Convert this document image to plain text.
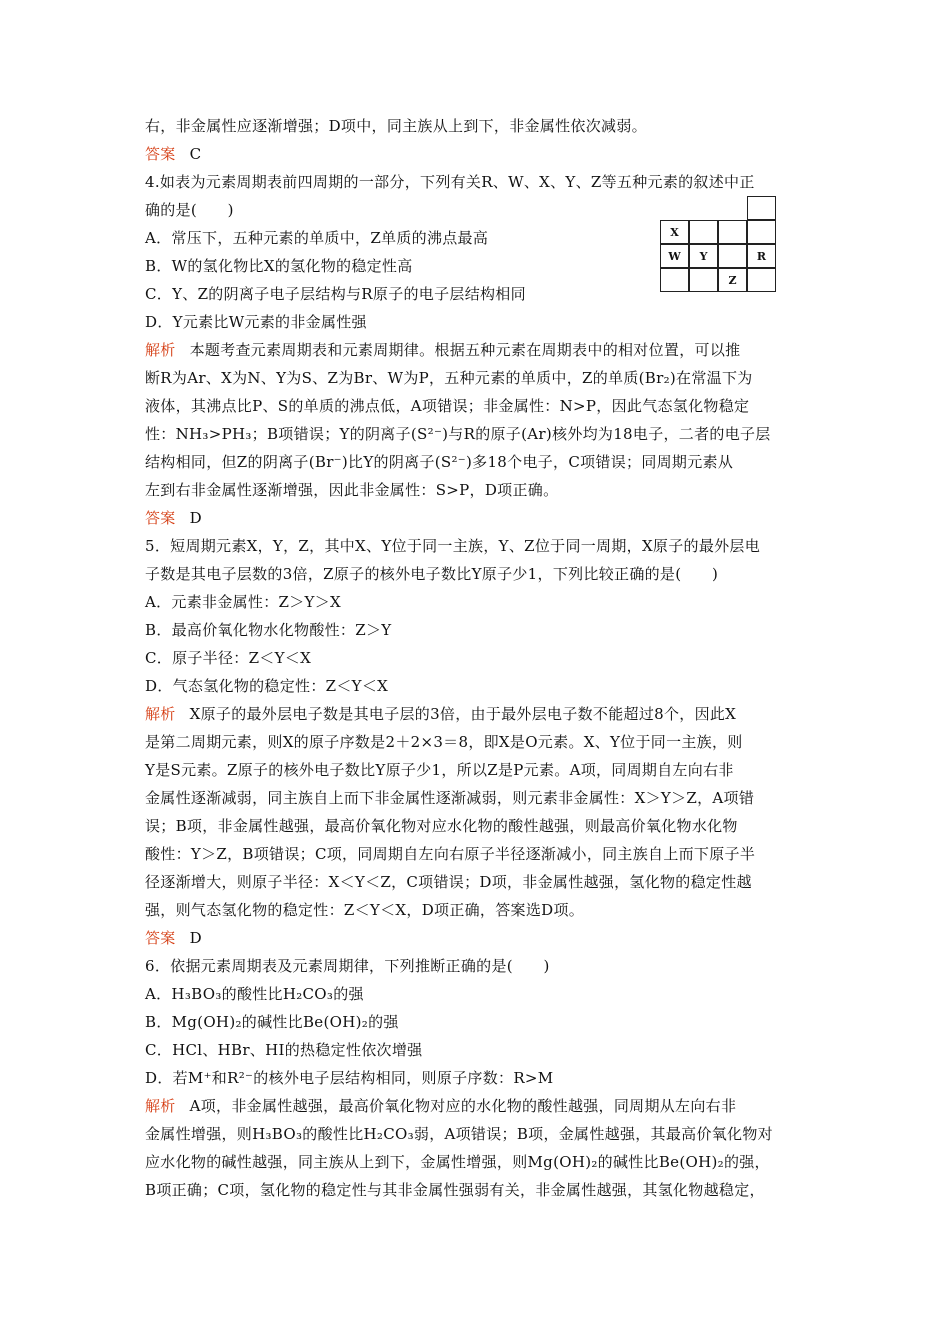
右，非金属性应逐渐增强；D项中，同主族从上到下，非金属性依次减弱。
答案 C
4.如表为元素周期表前四周期的一部分，下列有关R、W、X、Y、Z等五种元素的叙述中正
确的是(　　)
A．常压下，五种元素的单质中，Z单质的沸点最高
B．W的氢化物比X的氢化物的稳定性高
C．Y、Z的阴离子电子层结构与R原子的电子层结构相同
D．Y元素比W元素的非金属性强
解析 本题考查元素周期表和元素周期律。根据五种元素在周期表中的相对位置，可以推
断R为Ar、X为N、Y为S、Z为Br、W为P，五种元素的单质中，Z的单质(Br₂)在常温下为
液体，其沸点比P、S的单质的沸点低，A项错误；非金属性：N>P，因此气态氢化物稳定
性：NH₃>PH₃；B项错误；Y的阴离子(S²⁻)与R的原子(Ar)核外均为18电子，二者的电子层
结构相同，但Z的阴离子(Br⁻)比Y的阴离子(S²⁻)多18个电子，C项错误；同周期元素从
左到右非金属性逐渐增强，因此非金属性：S>P，D项正确。
答案 D
5．短周期元素X，Y，Z，其中X、Y位于同一主族，Y、Z位于同一周期，X原子的最外层电
子数是其电子层数的3倍，Z原子的核外电子数比Y原子少1，下列比较正确的是(　　)
A．元素非金属性：Z＞Y＞X
B．最高价氧化物水化物酸性：Z＞Y
C．原子半径：Z＜Y＜X
D．气态氢化物的稳定性：Z＜Y＜X
解析 X原子的最外层电子数是其电子层的3倍，由于最外层电子数不能超过8个，因此X
是第二周期元素，则X的原子序数是2＋2×3＝8，即X是O元素。X、Y位于同一主族，则
Y是S元素。Z原子的核外电子数比Y原子少1，所以Z是P元素。A项，同周期自左向右非
金属性逐渐减弱，同主族自上而下非金属性逐渐减弱，则元素非金属性：X＞Y＞Z，A项错
误；B项，非金属性越强，最高价氧化物对应水化物的酸性越强，则最高价氧化物水化物
酸性：Y＞Z，B项错误；C项，同周期自左向右原子半径逐渐减小，同主族自上而下原子半
径逐渐增大，则原子半径：X＜Y＜Z，C项错误；D项，非金属性越强，氢化物的稳定性越
强，则气态氢化物的稳定性：Z＜Y＜X，D项正确，答案选D项。
答案 D
6．依据元素周期表及元素周期律，下列推断正确的是(　　)
A．H₃BO₃的酸性比H₂CO₃的强
B．Mg(OH)₂的碱性比Be(OH)₂的强
C．HCl、HBr、HI的热稳定性依次增强
D．若M⁺和R²⁻的核外电子层结构相同，则原子序数：R>M
解析 A项，非金属性越强，最高价氧化物对应的水化物的酸性越强，同周期从左向右非
金属性增强，则H₃BO₃的酸性比H₂CO₃弱，A项错误；B项，金属性越强，其最高价氧化物对
应水化物的碱性越强，同主族从上到下，金属性增强，则Mg(OH)₂的碱性比Be(OH)₂的强，
B项正确；C项，氢化物的稳定性与其非金属性强弱有关，非金属性越强，其氢化物越稳定，
X
W	Y	R
Z
